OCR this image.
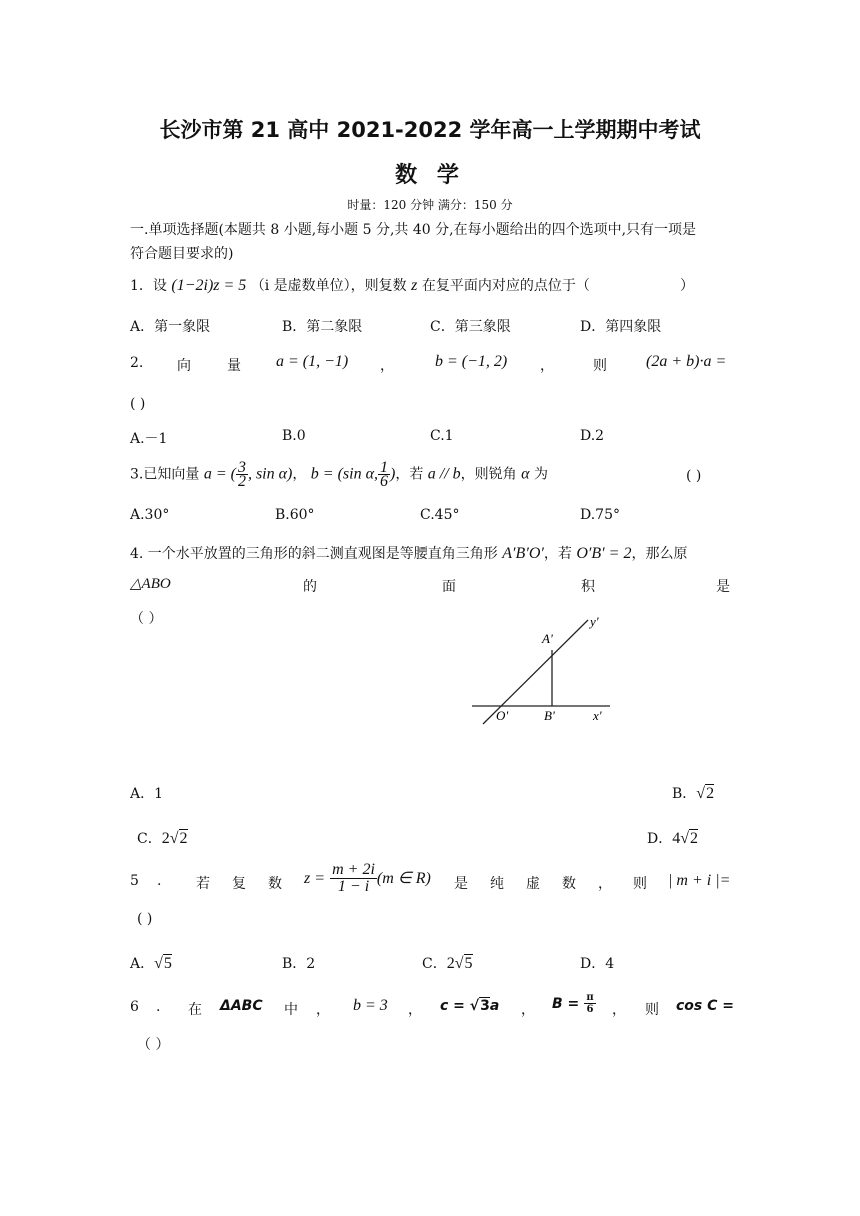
长沙市第 21 高中 2021-2022 学年高一上学期期中考试
数 学
时量：120 分钟 满分：150 分
一.单项选择题(本题共 8 小题,每小题 5 分,共 40 分,在每小题给出的四个选项中,只有一项是
符合题目要求的)
1．设 (1−2i)z = 5 （i 是虚数单位），则复数 z 在复平面内对应的点位于（	）
A．第一象限	B．第二象限	C．第三象限	D．第四象限
2. 向	量 a = (1, −1) ，	b = (−1, 2) ，	则 (2a + b)·a =
( )
A.－1	B.0	C.1	D.2
3.已知向量 a = ( $\frac{3}{2}$ , sin α)， b = (sin α, $\frac{1}{6}$ )，若 a // b，则锐角 α 为	( )
A.30°	B.60°	C.45°	D.75°
4. 一个水平放置的三角形的斜二测直观图是等腰直角三角形 A′B′O′，若 O′B′ = 2，那么原
△ABO	的	面	积	是
（ ）
A'
y'
O'	B'	x'
A．1	B．√2
C．2√2	D．4√2
5 . 若 复 数 $z = \frac{m + 2i}{1 - i} (m$ ∈ R) 是 纯 虚 数 ， 则 | m + i |=
( )
A．√5	B．2	C．2√5	D．4
6 . 在 ΔABC 中 ， b = 3 ， c = √3a ， $B = \frac{\pi}{6}$ ， 则 cos C =
（ ）
